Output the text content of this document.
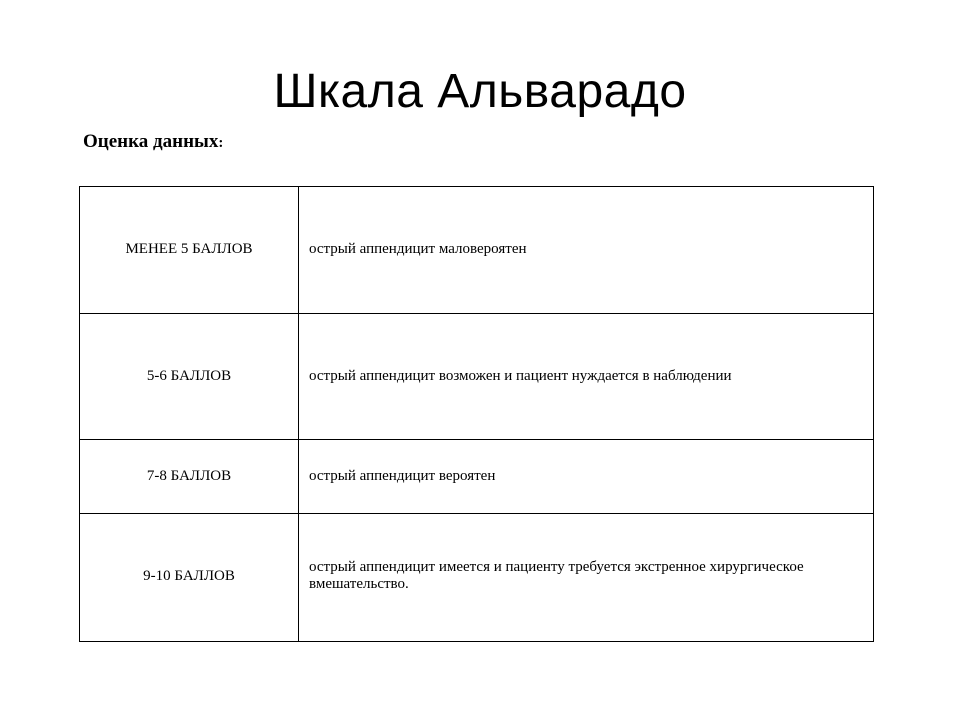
Шкала Альварадо
Оценка данных:
МЕНЕЕ 5 БАЛЛОВ	острый аппендицит маловероятен

5-6 БАЛЛОВ	острый аппендицит возможен и пациент нуждается в наблюдении

7-8 БАЛЛОВ	острый аппендицит вероятен

9-10 БАЛЛОВ	острый аппендицит имеется и пациенту требуется экстренное хирургическое вмешательство.
